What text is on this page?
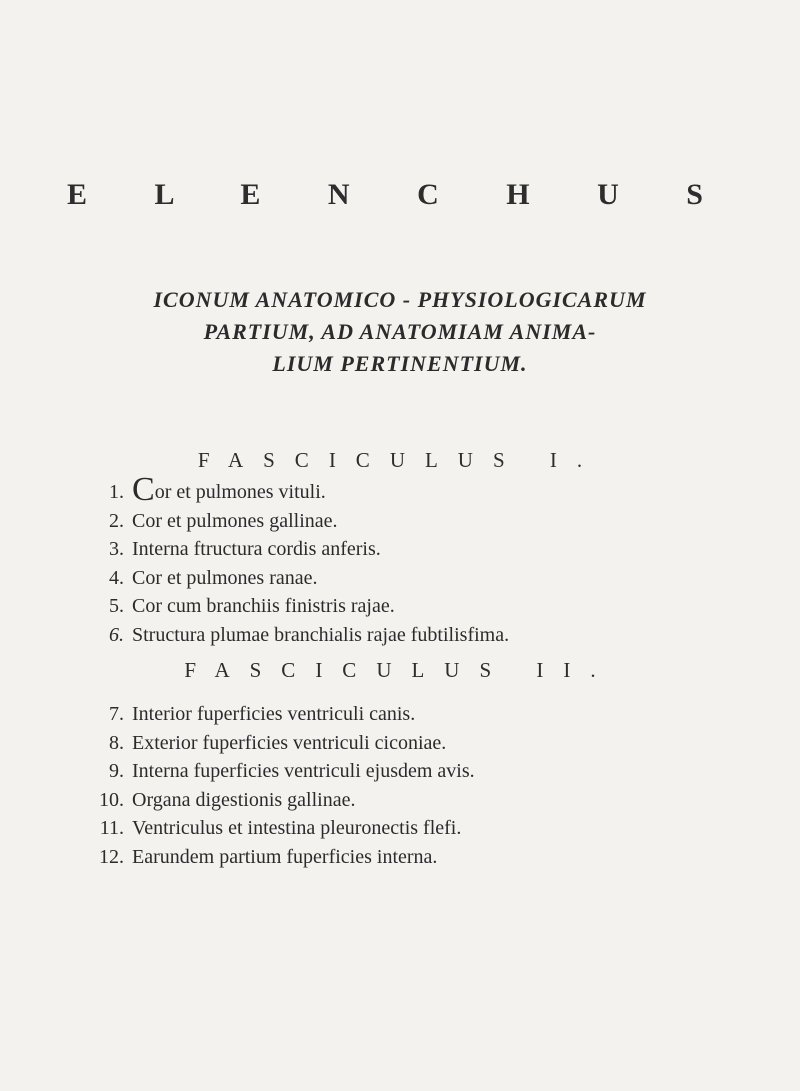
E L E N C H U S
ICONUM ANATOMICO - PHYSIOLOGICARUM
PARTIUM, AD ANATOMIAM ANIMA-
LIUM PERTINENTIUM.
FASCICULUS I.
1. Cor et pulmones vituli.
2. Cor et pulmones gallinae.
3. Interna ftructura cordis anferis.
4. Cor et pulmones ranae.
5. Cor cum branchiis finistris rajae.
6. Structura plumae branchialis rajae fubtilisfima.
FASCICULUS II.
7. Interior fuperficies ventriculi canis.
8. Exterior fuperficies ventriculi ciconiae.
9. Interna fuperficies ventriculi ejusdem avis.
10. Organa digestionis gallinae.
11. Ventriculus et intestina pleuronectis flefi.
12. Earundem partium fuperficies interna.
